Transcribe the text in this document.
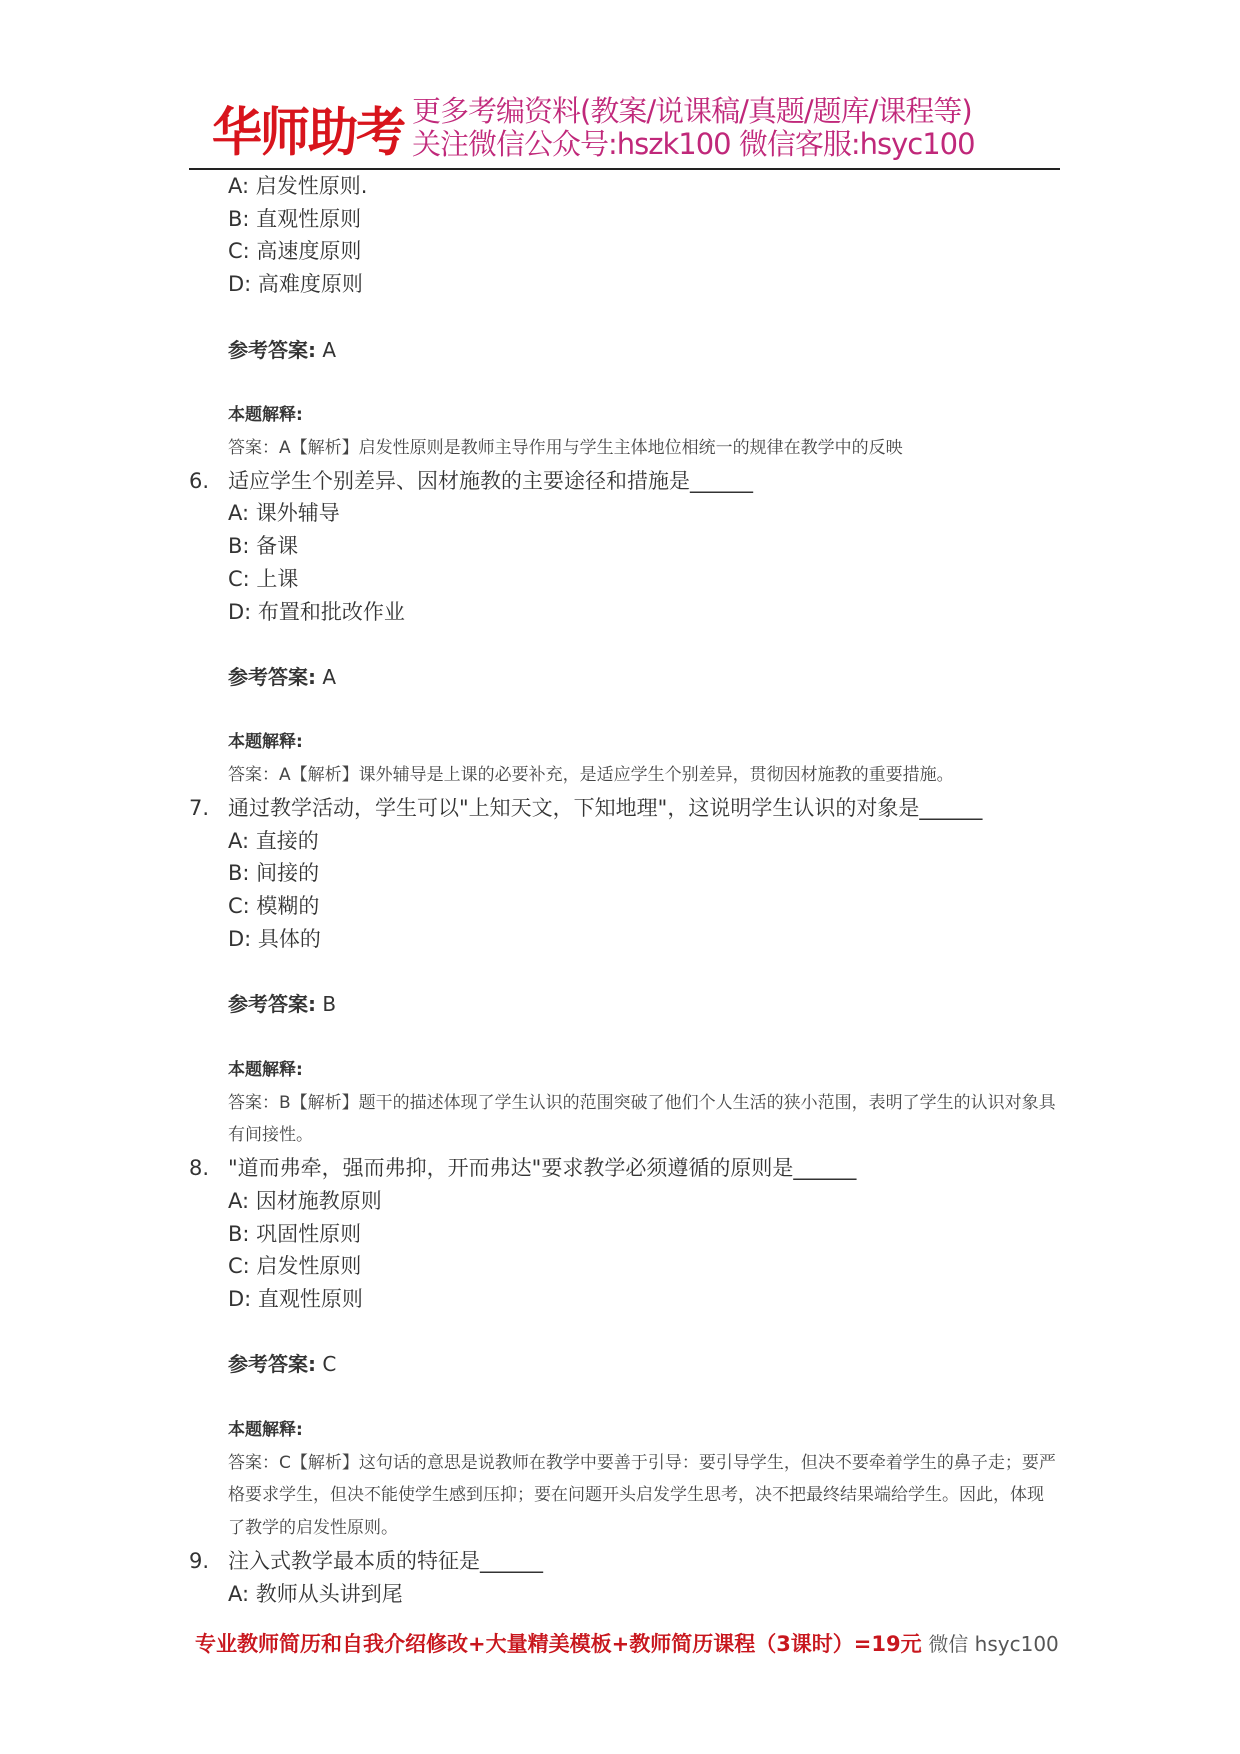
华师助考 更多考编资料(教案/说课稿/真题/题库/课程等)
关注微信公众号:hszk100 微信客服:hsyc100
A: 启发性原则.
B: 直观性原则
C: 高速度原则
D: 高难度原则
参考答案: A
本题解释:
答案：A【解析】启发性原则是教师主导作用与学生主体地位相统一的规律在教学中的反映
6. 适应学生个别差异、因材施教的主要途径和措施是______
A: 课外辅导
B: 备课
C: 上课
D: 布置和批改作业
参考答案: A
本题解释:
答案：A【解析】课外辅导是上课的必要补充，是适应学生个别差异，贯彻因材施教的重要措施。
7. 通过教学活动，学生可以"上知天文，下知地理"，这说明学生认识的对象是______
A: 直接的
B: 间接的
C: 模糊的
D: 具体的
参考答案: B
本题解释:
答案：B【解析】题干的描述体现了学生认识的范围突破了他们个人生活的狭小范围，表明了学生的认识对象具有间接性。
8. "道而弗牵，强而弗抑，开而弗达"要求教学必须遵循的原则是______
A: 因材施教原则
B: 巩固性原则
C: 启发性原则
D: 直观性原则
参考答案: C
本题解释:
答案：C【解析】这句话的意思是说教师在教学中要善于引导：要引导学生，但决不要牵着学生的鼻子走；要严格要求学生，但决不能使学生感到压抑；要在问题开头启发学生思考，决不把最终结果端给学生。因此，体现了教学的启发性原则。
9. 注入式教学最本质的特征是______
A: 教师从头讲到尾
专业教师简历和自我介绍修改+大量精美模板+教师简历课程（3课时）=19元 微信 hsyc100
